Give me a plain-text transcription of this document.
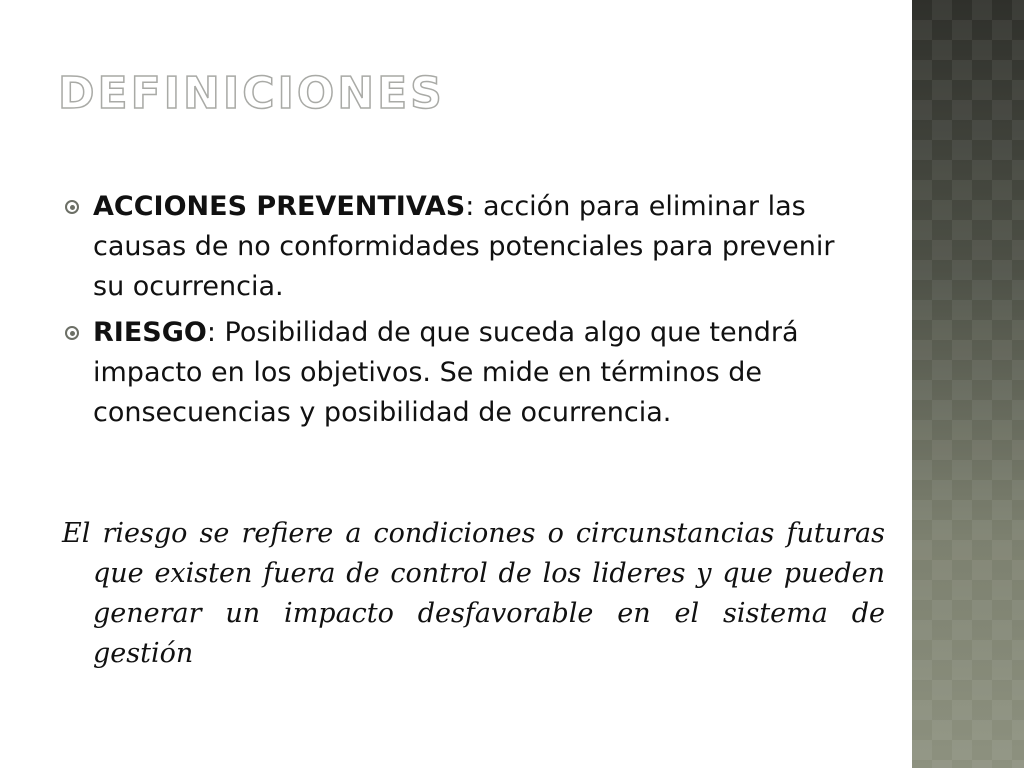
DEFINICIONES
ACCIONES PREVENTIVAS: acción para eliminar las causas de no conformidades potenciales para prevenir su ocurrencia.
RIESGO: Posibilidad de que suceda algo que tendrá impacto en los objetivos. Se mide en términos de consecuencias y posibilidad de ocurrencia.

El riesgo se refiere a condiciones o circunstancias futuras que existen fuera de control de los lideres y que pueden generar un impacto desfavorable en el sistema de gestión
